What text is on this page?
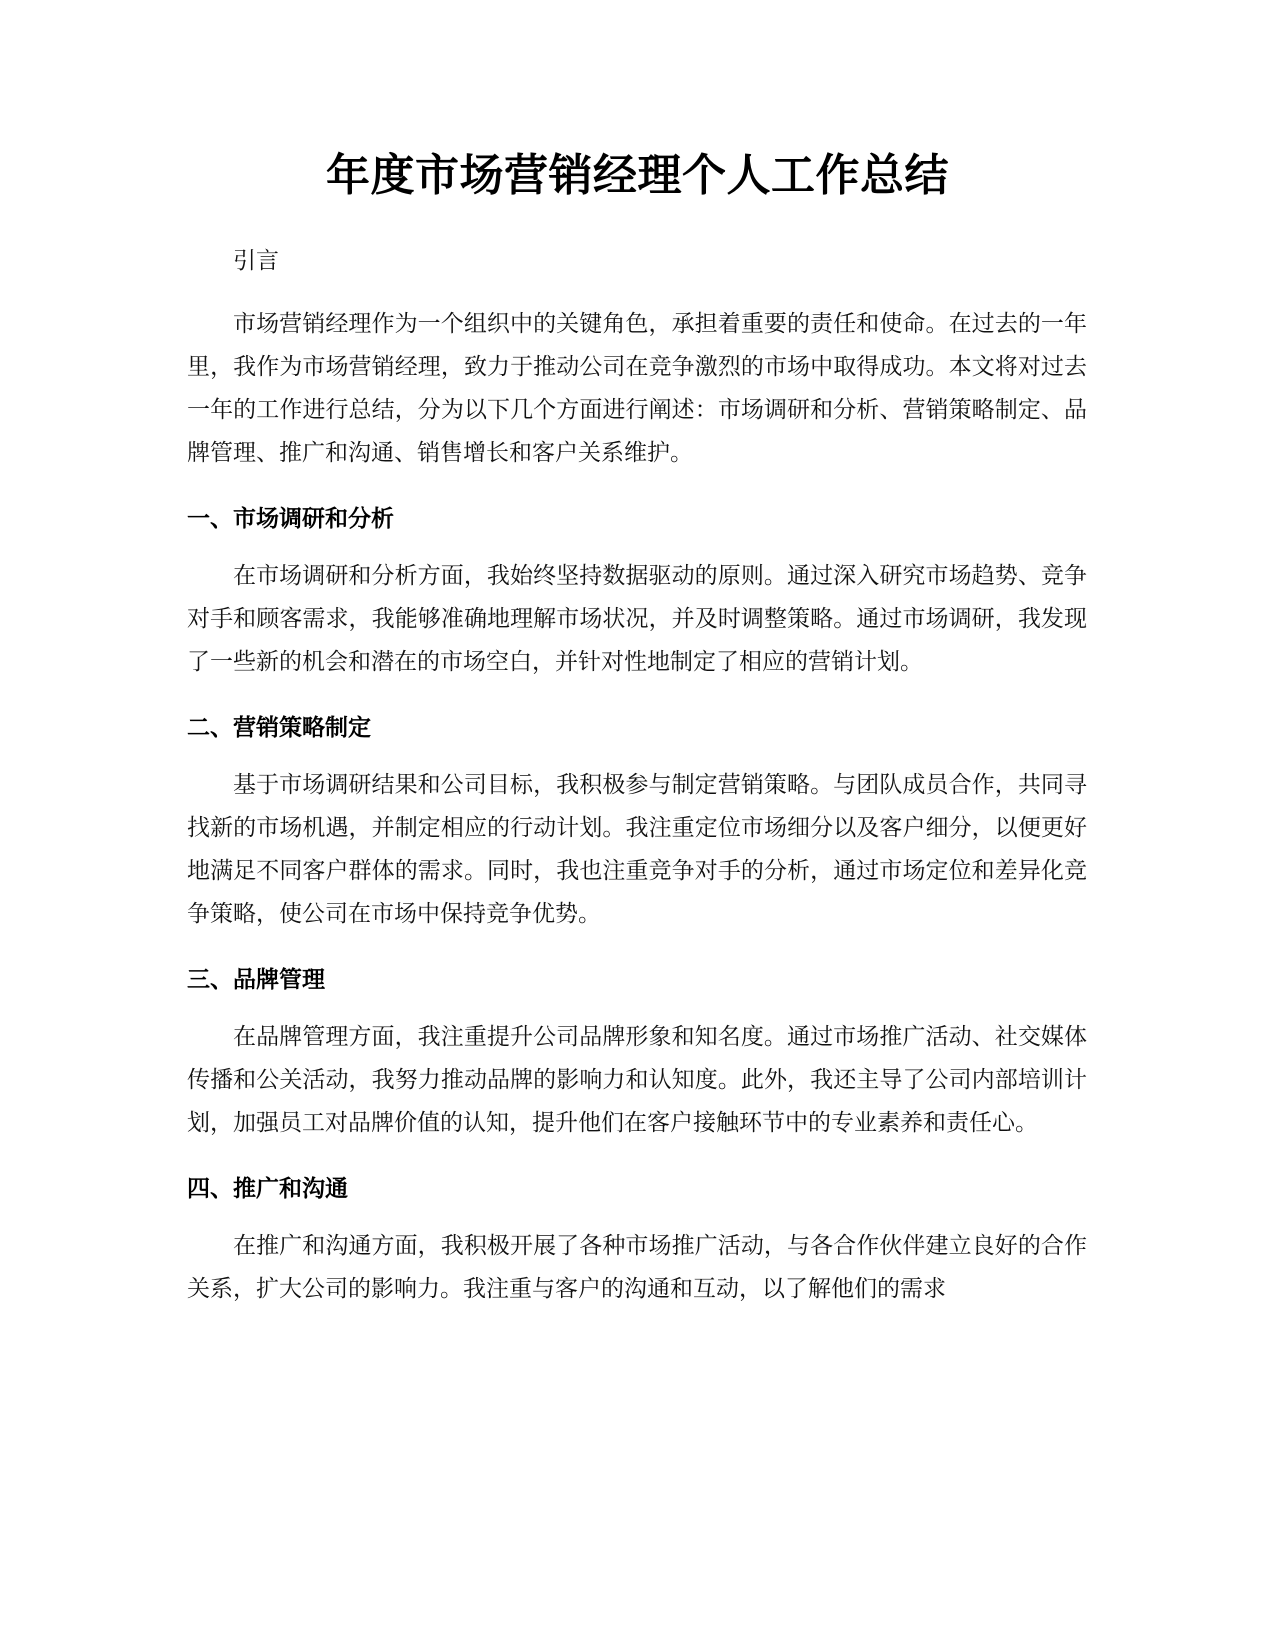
年度市场营销经理个人工作总结

引言

市场营销经理作为一个组织中的关键角色，承担着重要的责任和使命。在过去的一年里，我作为市场营销经理，致力于推动公司在竞争激烈的市场中取得成功。本文将对过去一年的工作进行总结，分为以下几个方面进行阐述：市场调研和分析、营销策略制定、品牌管理、推广和沟通、销售增长和客户关系维护。

一、市场调研和分析

在市场调研和分析方面，我始终坚持数据驱动的原则。通过深入研究市场趋势、竞争对手和顾客需求，我能够准确地理解市场状况，并及时调整策略。通过市场调研，我发现了一些新的机会和潜在的市场空白，并针对性地制定了相应的营销计划。

二、营销策略制定

基于市场调研结果和公司目标，我积极参与制定营销策略。与团队成员合作，共同寻找新的市场机遇，并制定相应的行动计划。我注重定位市场细分以及客户细分，以便更好地满足不同客户群体的需求。同时，我也注重竞争对手的分析，通过市场定位和差异化竞争策略，使公司在市场中保持竞争优势。

三、品牌管理

在品牌管理方面，我注重提升公司品牌形象和知名度。通过市场推广活动、社交媒体传播和公关活动，我努力推动品牌的影响力和认知度。此外，我还主导了公司内部培训计划，加强员工对品牌价值的认知，提升他们在客户接触环节中的专业素养和责任心。

四、推广和沟通

在推广和沟通方面，我积极开展了各种市场推广活动，与各合作伙伴建立良好的合作关系，扩大公司的影响力。我注重与客户的沟通和互动，以了解他们的需求
